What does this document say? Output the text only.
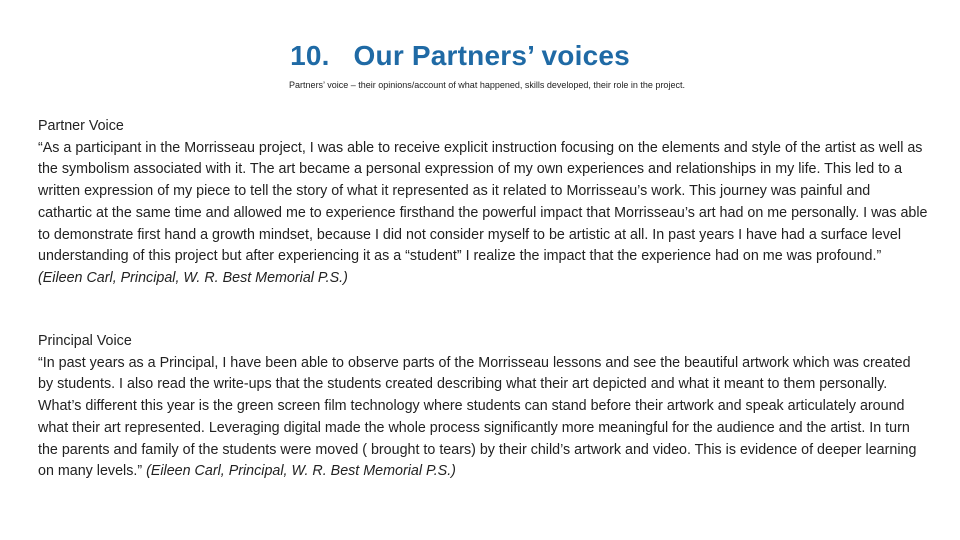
10.   Our Partners’ voices
Partners’ voice – their opinions/account of what happened, skills developed, their role in the project.
Partner Voice
“As a participant in the Morrisseau project, I was able to receive explicit instruction focusing on the elements and style of the artist as well as the symbolism associated with it. The art became a personal expression of my own experiences and relationships in my life. This led to a written expression of my piece to tell the story of what it represented as it related to Morrisseau’s work. This journey was painful and cathartic at the same time and allowed me to experience firsthand the powerful impact that Morrisseau’s art had on me personally. I was able to demonstrate first hand a growth mindset, because I did not consider myself to be artistic at all. In past years I have had a surface level understanding of this project but after experiencing it as a “student” I realize the impact that the experience had on me was profound.” (Eileen Carl, Principal, W. R. Best Memorial P.S.)
Principal Voice
“In past years as a Principal, I have been able to observe parts of the Morrisseau lessons and see the beautiful artwork which was created by students. I also read the write-ups that the students created describing what their art depicted and what it meant to them personally. What’s different this year is the green screen film technology where students can stand before their artwork and speak articulately around what their art represented. Leveraging digital made the whole process significantly more meaningful for the audience and the artist. In turn the parents and family of the students were moved ( brought to tears) by their child’s artwork and video. This is evidence of deeper learning on many levels.” (Eileen Carl, Principal, W. R. Best Memorial P.S.)
